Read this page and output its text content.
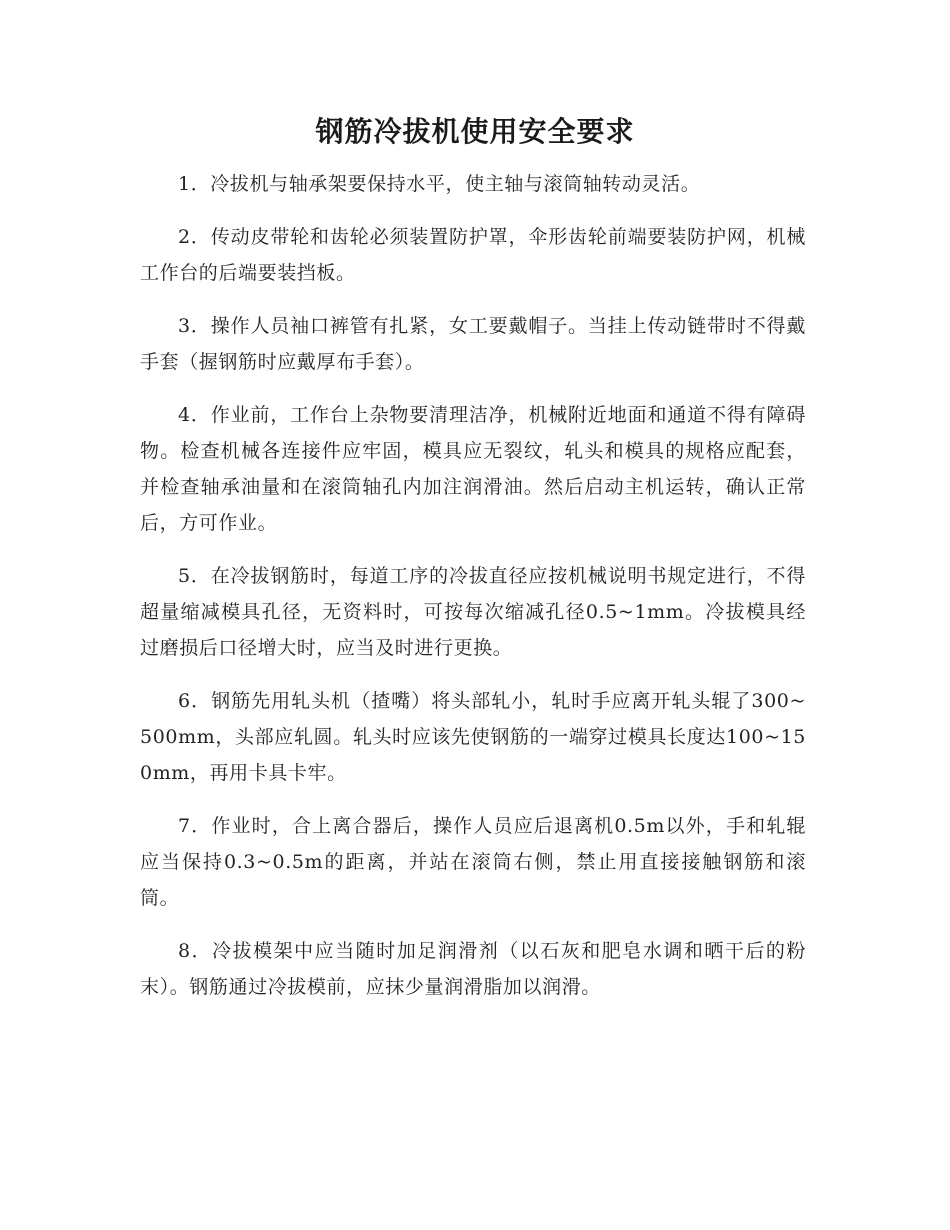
钢筋冷拔机使用安全要求

1．冷拔机与轴承架要保持水平，使主轴与滚筒轴转动灵活。

2．传动皮带轮和齿轮必须装置防护罩，伞形齿轮前端要装防护网，机械工作台的后端要装挡板。

3．操作人员袖口裤管有扎紧，女工要戴帽子。当挂上传动链带时不得戴手套（握钢筋时应戴厚布手套）。

4．作业前，工作台上杂物要清理洁净，机械附近地面和通道不得有障碍物。检查机械各连接件应牢固，模具应无裂纹，轧头和模具的规格应配套，并检查轴承油量和在滚筒轴孔内加注润滑油。然后启动主机运转，确认正常后，方可作业。

5．在冷拔钢筋时，每道工序的冷拔直径应按机械说明书规定进行，不得超量缩减模具孔径，无资料时，可按每次缩减孔径0.5~1mm。冷拔模具经过磨损后口径增大时，应当及时进行更换。

6．钢筋先用轧头机（揸嘴）将头部轧小，轧时手应离开轧头辊了300~500mm，头部应轧圆。轧头时应该先使钢筋的一端穿过模具长度达100~150mm，再用卡具卡牢。

7．作业时，合上离合器后，操作人员应后退离机0.5m以外，手和轧辊应当保持0.3~0.5m的距离，并站在滚筒右侧，禁止用直接接触钢筋和滚筒。

8．冷拔模架中应当随时加足润滑剂（以石灰和肥皂水调和晒干后的粉末）。钢筋通过冷拔模前，应抹少量润滑脂加以润滑。
